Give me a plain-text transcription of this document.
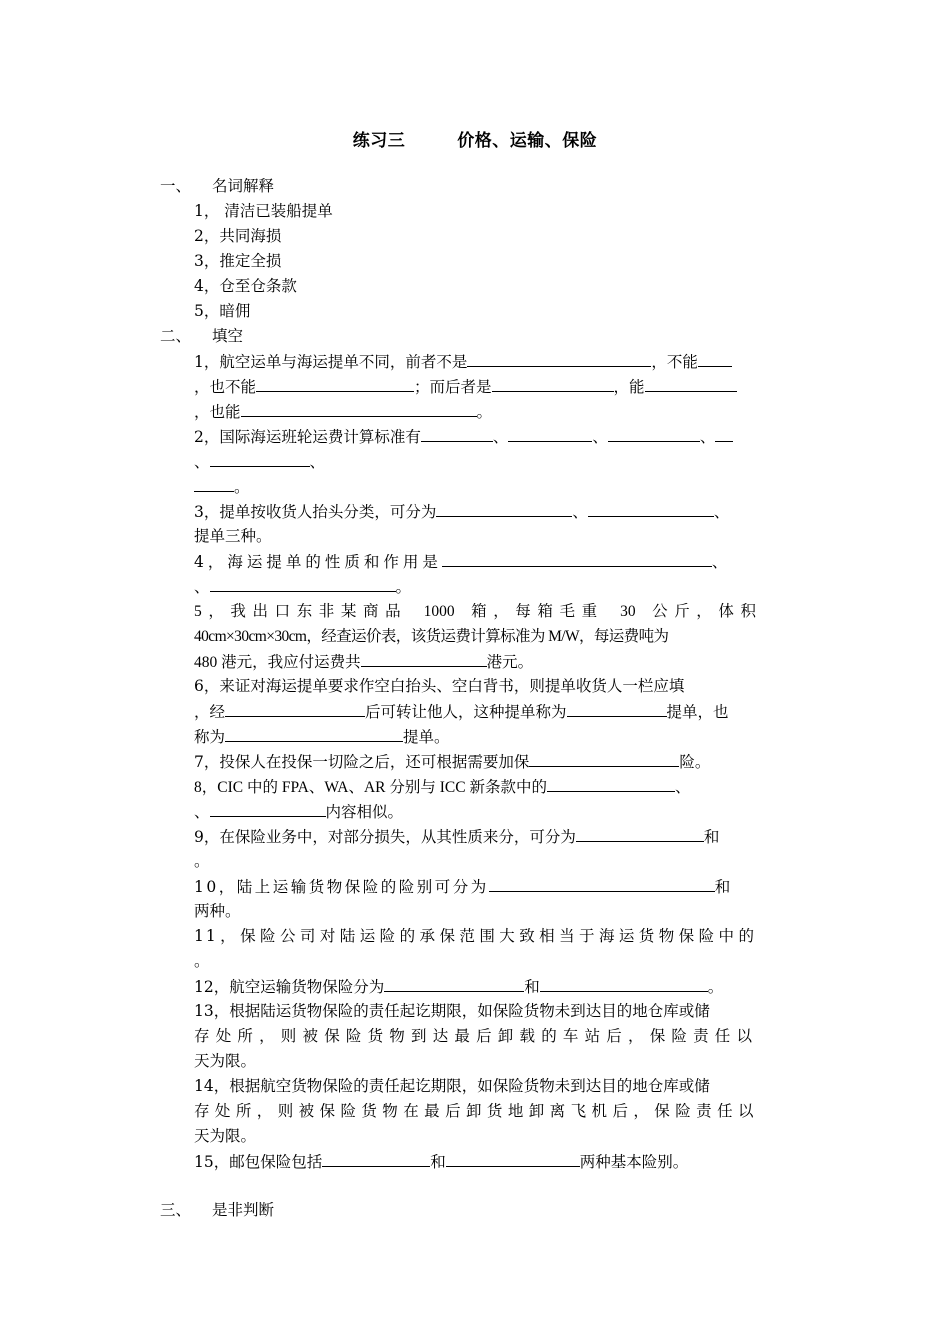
练习三	价格、运输、保险
一、 名词解释
1， 清洁已装船提单
2，共同海损
3，推定全损
4，仓至仓条款
5，暗佣
二、 填空
1，航空运单与海运提单不同，前者不是	，不能
，也不能	；而后者是	，能
，也能	。
2，国际海运班轮运费计算标准有	、	、	、
、	、
。
3，提单按收货人抬头分类，可分为	、	、
提单三种。
4，海运提单的性质和作用是	、
、	。
5，我出口东非某商品 1000 箱，每箱毛重 30 公斤，体积
40cm×30cm×30cm，经查运价表，该货运费计算标准为 M/W，每运费吨为
480 港元，我应付运费共	港元。
6，来证对海运提单要求作空白抬头、空白背书，则提单收货人一栏应填
，经	后可转让他人，这种提单称为	提单，也
称为	提单。
7，投保人在投保一切险之后，还可根据需要加保	险。
8，CIC 中的 FPA、WA、AR 分别与 ICC 新条款中的	、
、	内容相似。
9，在保险业务中，对部分损失，从其性质来分，可分为	和
。
10，陆上运输货物保险的险别可分为	和
两种。
11，保险公司对陆运险的承保范围大致相当于海运货物保险中的
。
12，航空运输货物保险分为	和	。
13，根据陆运货物保险的责任起讫期限，如保险货物未到达目的地仓库或储
存处所，则被保险货物到达最后卸载的车站后，保险责任以
天为限。
14，根据航空货物保险的责任起讫期限，如保险货物未到达目的地仓库或储
存处所，则被保险货物在最后卸货地卸离飞机后，保险责任以
天为限。
15，邮包保险包括	和	两种基本险别。
三、 是非判断
